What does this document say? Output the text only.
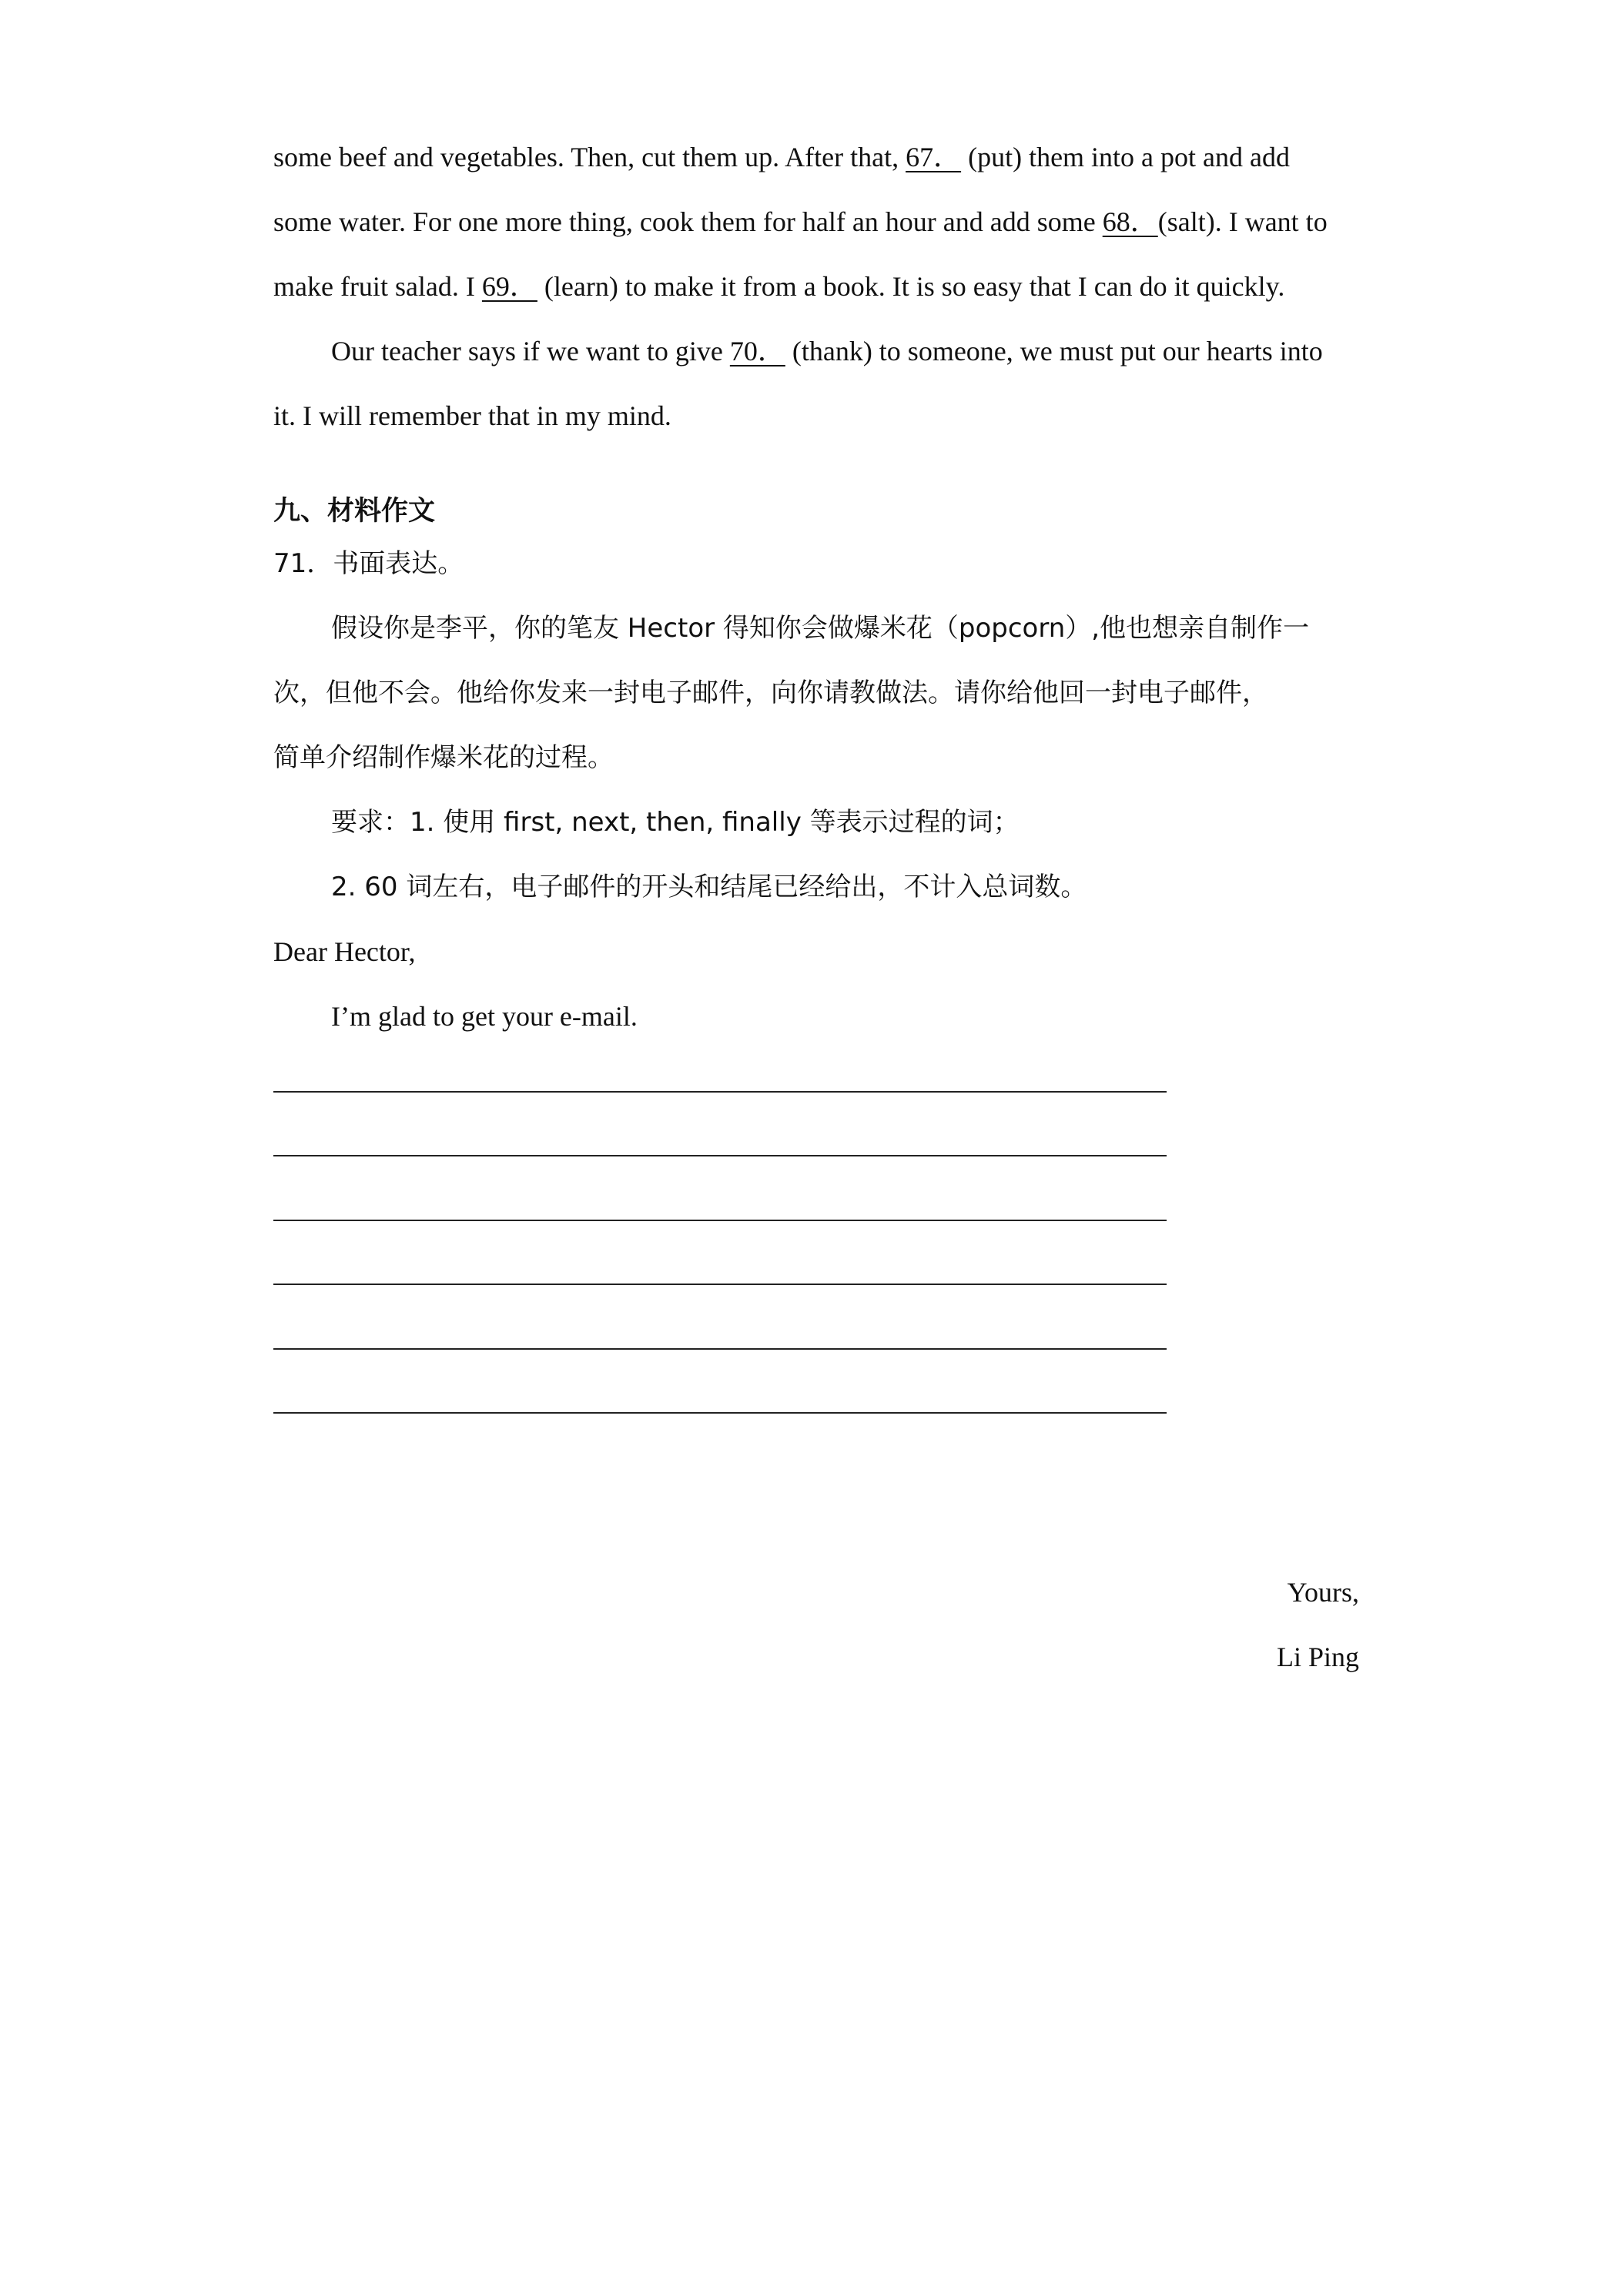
some beef and vegetables. Then, cut them up. After that, 67． (put) them into a pot and add
some water. For one more thing, cook them for half an hour and add some 68．(salt). I want to
make fruit salad. I 69． (learn) to make it from a book. It is so easy that I can do it quickly.
Our teacher says if we want to give 70． (thank) to someone, we must put our hearts into
it. I will remember that in my mind.
九、材料作文
71．书面表达。
假设你是李平，你的笔友 Hector 得知你会做爆米花（popcorn）,他也想亲自制作一
次，但他不会。他给你发来一封电子邮件，向你请教做法。请你给他回一封电子邮件，
简单介绍制作爆米花的过程。
要求：1. 使用 first, next, then, finally 等表示过程的词；
2. 60 词左右，电子邮件的开头和结尾已经给出，不计入总词数。
Dear Hector,
I’m glad to get your e-mail.
Yours,
Li Ping
